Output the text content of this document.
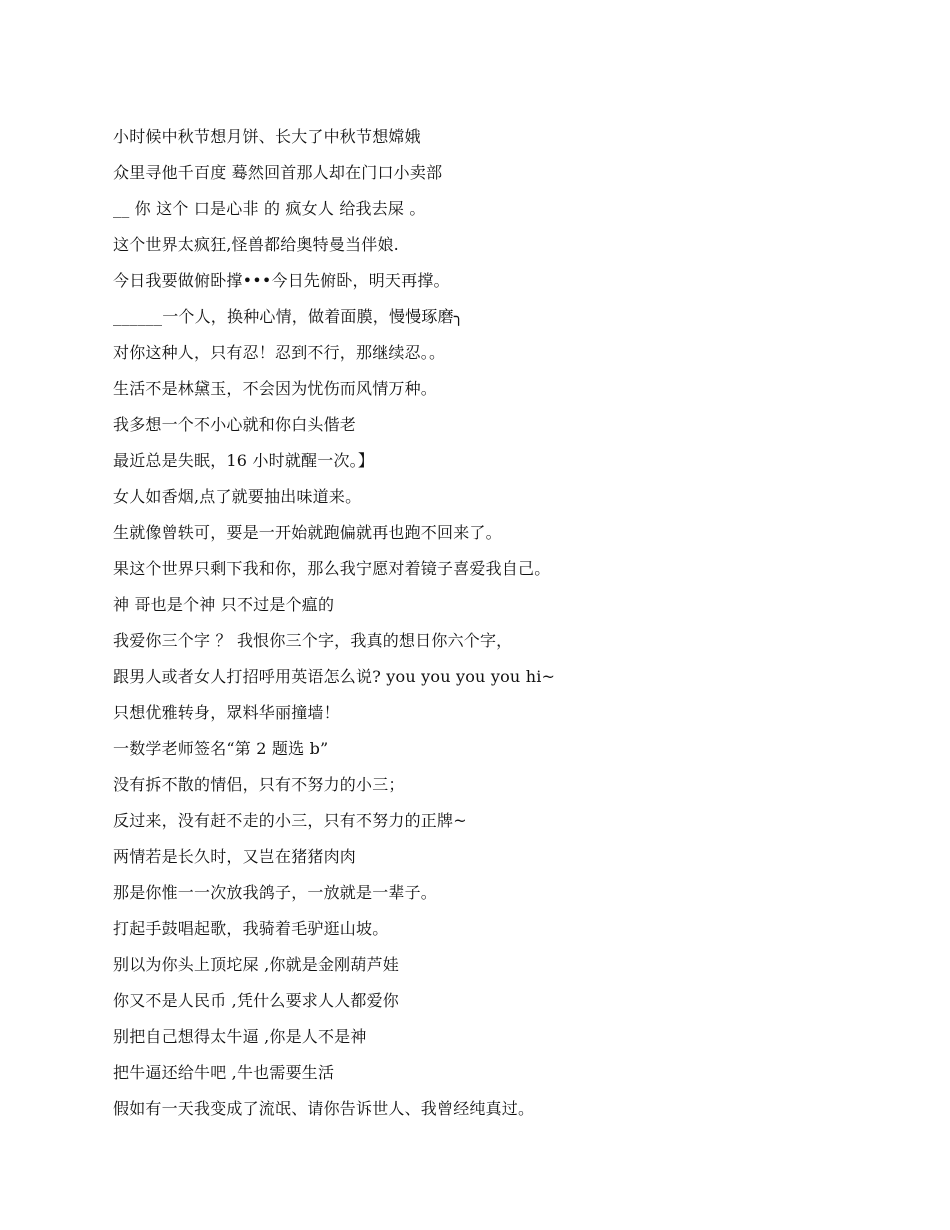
小时候中秋节想月饼、长大了中秋节想嫦娥
众里寻他千百度 蓦然回首那人却在门口小卖部
__ 你 这个 口是心非 的 疯女人 给我去屎 。
这个世界太疯狂,怪兽都给奥特曼当伴娘.
今日我要做俯卧撑•••今日先俯卧，明天再撑。
______一个人，换种心情，做着面膜，慢慢琢磨╮
对你这种人，只有忍！忍到不行，那继续忍。。
生活不是林黛玉，不会因为忧伤而风情万种。
我多想一个不小心就和你白头偕老
最近总是失眠，16 小时就醒一次。】
女人如香烟,点了就要抽出味道来。
生就像曾轶可，要是一开始就跑偏就再也跑不回来了。
果这个世界只剩下我和你，那么我宁愿对着镜子喜爱我自己。
神 哥也是个神 只不过是个瘟的
我爱你三个字 ？ 我恨你三个字，我真的想日你六个字，
跟男人或者女人打招呼用英语怎么说? you you you you hi~
只想优雅转身，眾料华丽撞墙！
一数学老师签名“第 2 题选 b”
没有拆不散的情侣，只有不努力的小三；
反过来，没有赶不走的小三，只有不努力的正牌~
两情若是长久时，又岂在猪猪肉肉
那是你惟一一次放我鸽子，一放就是一辈子。
打起手鼓唱起歌，我骑着毛驴逛山坡。
别以为你头上顶坨屎 ,你就是金刚葫芦娃
你又不是人民币 ,凭什么要求人人都爱你
别把自己想得太牛逼 ,你是人不是神
把牛逼还给牛吧 ,牛也需要生活
假如有一天我变成了流氓、请你告诉世人、我曾经纯真过。
